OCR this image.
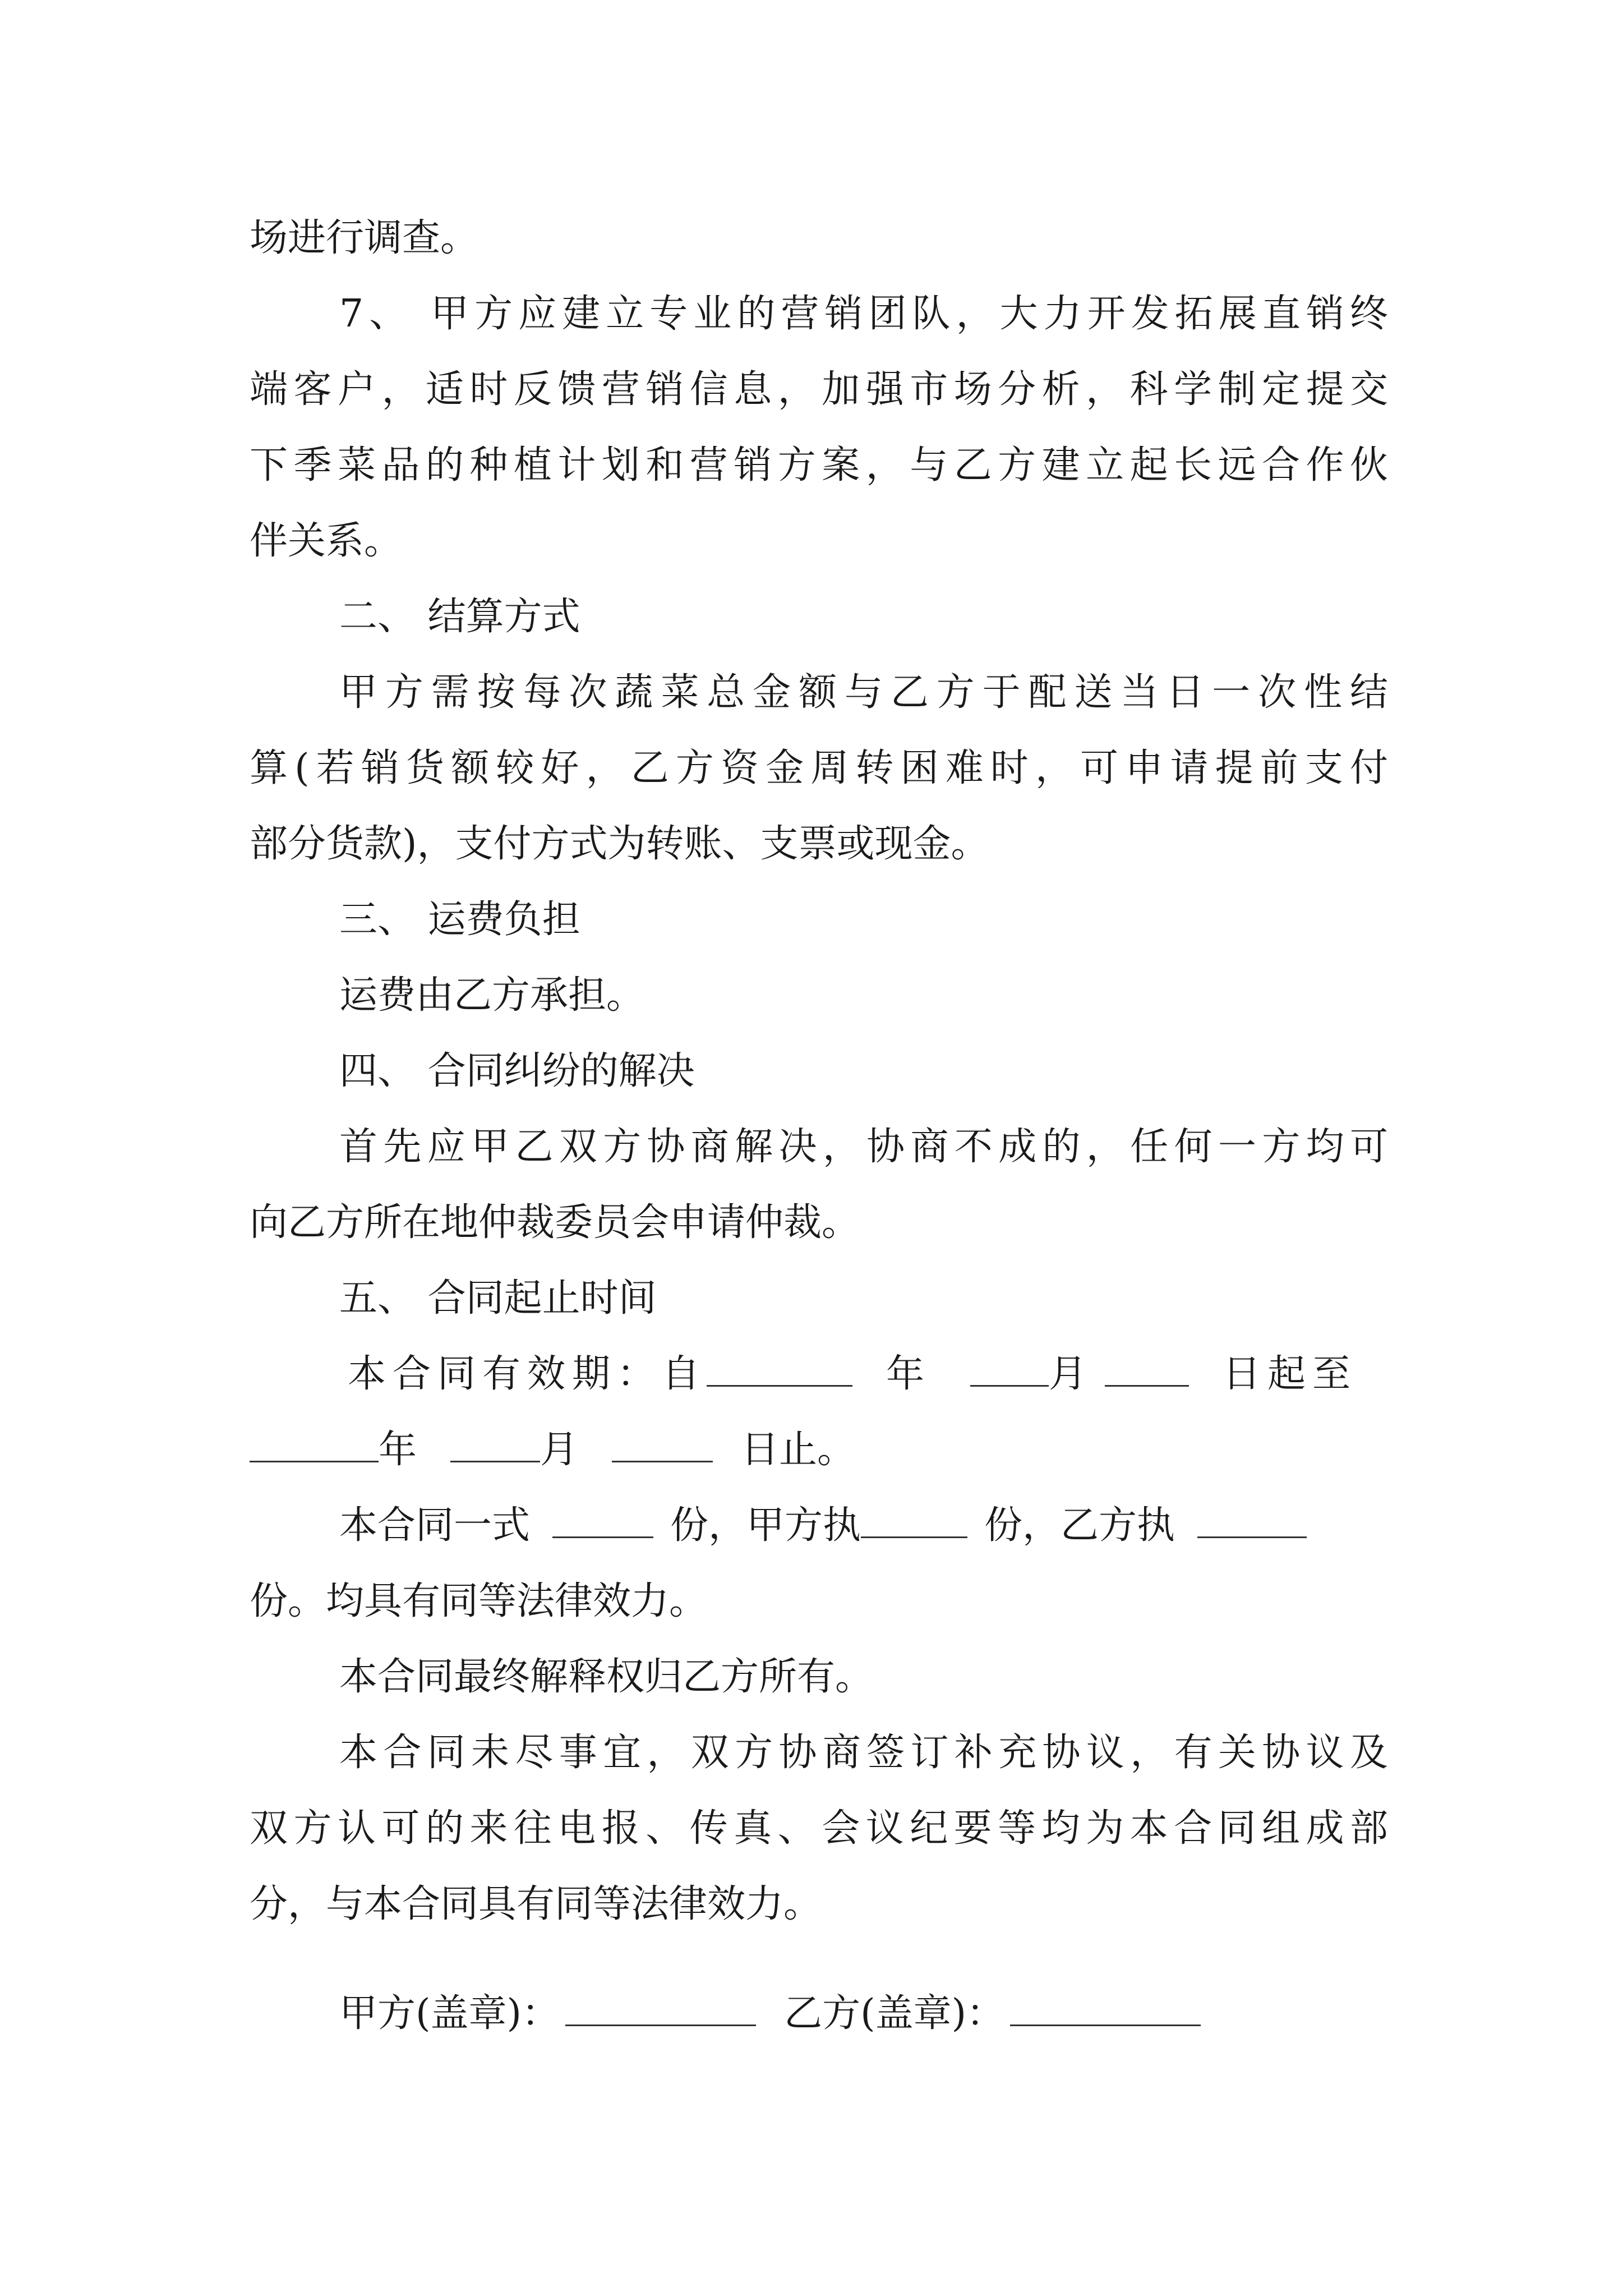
场进行调查。
7、 甲方应建立专业的营销团队，大力开发拓展直销终
端客户，适时反馈营销信息，加强市场分析，科学制定提交
下季菜品的种植计划和营销方案，与乙方建立起长远合作伙
伴关系。
二、 结算方式
甲方需按每次蔬菜总金额与乙方于配送当日一次性结
算(若销货额较好，乙方资金周转困难时，可申请提前支付
部分货款)，支付方式为转账、支票或现金。
三、 运费负担
运费由乙方承担。
四、 合同纠纷的解决
首先应甲乙双方协商解决，协商不成的，任何一方均可
向乙方所在地仲裁委员会申请仲裁。
五、 合同起止时间
本合同有效期：自	年	月	日起至
年	月	日止。
本合同一式	份，甲方执	份，乙方执
份。均具有同等法律效力。
本合同最终解释权归乙方所有。
本合同未尽事宜，双方协商签订补充协议，有关协议及
双方认可的来往电报、传真、会议纪要等均为本合同组成部
分，与本合同具有同等法律效力。
甲方(盖章)：	乙方(盖章)：
